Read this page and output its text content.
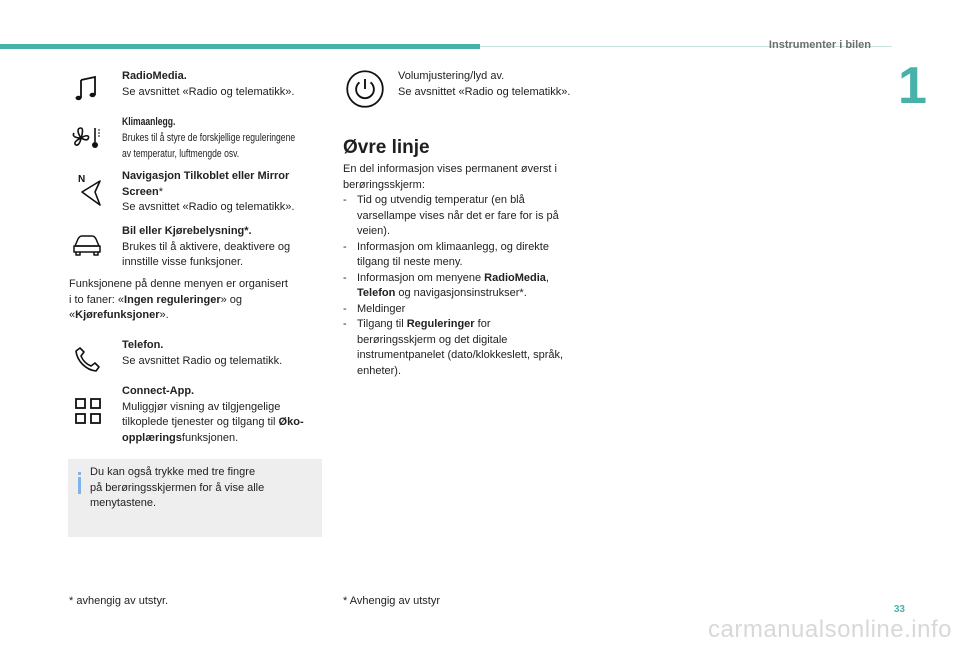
Instrumenter i bilen
1
RadioMedia.
Se avsnittet «Radio og telematikk».
Klimaanlegg.
Brukes til å styre de forskjellige reguleringene
av temperatur, luftmengde osv.
N	Navigasjon Tilkoblet eller Mirror
Screen*
Se avsnittet «Radio og telematikk».
Bil eller Kjørebelysning*.
Brukes til å aktivere, deaktivere og
innstille visse funksjoner.
Funksjonene på denne menyen er organisert
i to faner: «Ingen reguleringer» og
«Kjørefunksjoner».
Telefon.
Se avsnittet Radio og telematikk.
Connect-App.
Muliggjør visning av tilgjengelige
tilkoplede tjenester og tilgang til Øko-
opplæringsfunksjonen.
Du kan også trykke med tre fingre
på berøringsskjermen for å vise alle
menytastene.
Volumjustering/lyd av.
Se avsnittet «Radio og telematikk».
Øvre linje
En del informasjon vises permanent øverst i
berøringsskjerm:
- Tid og utvendig temperatur (en blå
varsellampe vises når det er fare for is på
veien).
- Informasjon om klimaanlegg, og direkte
tilgang til neste meny.
- Informasjon om menyene RadioMedia,
Telefon og navigasjonsinstrukser*.
- Meldinger
- Tilgang til Reguleringer for
berøringsskjerm og det digitale
instrumentpanelet (dato/klokkeslett, språk,
enheter).
* avhengig av utstyr.	* Avhengig av utstyr
33
carmanualsonline.info
